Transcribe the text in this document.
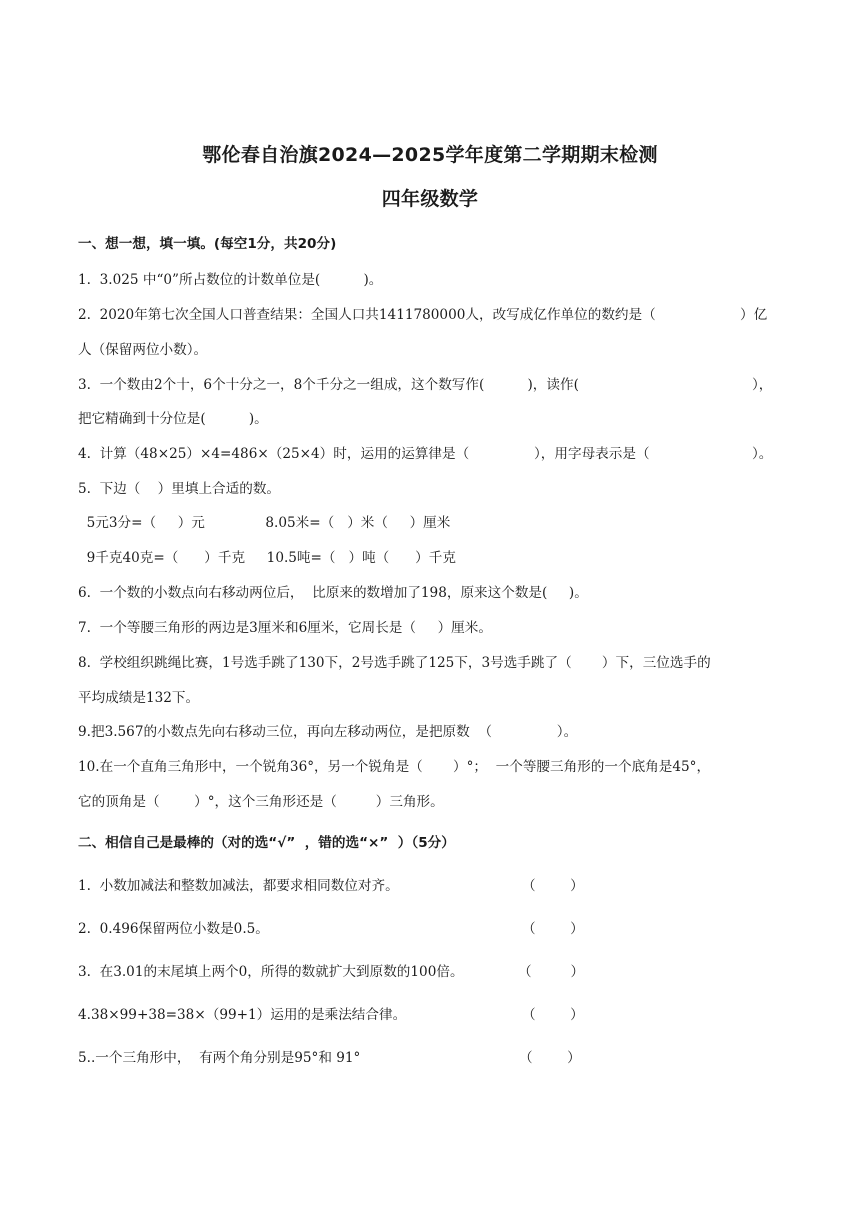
鄂伦春自治旗2024—2025学年度第二学期期末检测
四年级数学
一、想一想，填一填。(每空1分，共20分)
1.  3.025 中“0”所占数位的计数单位是(          )。
2.  2020年第七次全国人口普查结果：全国人口共1411780000人，改写成亿作单位的数约是（	）亿
人（保留两位小数）。
3.  一个数由2个十，6个十分之一，8个千分之一组成，这个数写作(          )，读作(	），
把它精确到十分位是(          )。
4.  计算（48×25）×4=486×（25×4）时，运用的运算律是（               ），用字母表示是（	）。
5.  下边（    ）里填上合适的数。
5元3分=（     ）元              8.05米=（   ）米（     ）厘米
9千克40克=（      ）千克     10.5吨=（   ）吨（      ）千克
6.  一个数的小数点向右移动两位后，  比原来的数增加了198，原来这个数是(     )。
7.  一个等腰三角形的两边是3厘米和6厘米，它周长是（     ）厘米。
8.  学校组织跳绳比赛，1号选手跳了130下，2号选手跳了125下，3号选手跳了（       ）下，三位选手的
平均成绩是132下。
9.把3.567的小数点先向右移动三位，再向左移动两位，是把原数  （               ）。
10.在一个直角三角形中，一个锐角36°，另一个锐角是（       ）°；  一个等腰三角形的一个底角是45°，
它的顶角是（        ）°，这个三角形还是（         ）三角形。
二、相信自己是最棒的（对的选“√”  ，错的选“×”  ）（5分）
1.  小数加减法和整数加减法，都要求相同数位对齐。	（        ）
2.  0.496保留两位小数是0.5。	（        ）
3.  在3.01的末尾填上两个0，所得的数就扩大到原数的100倍。	（         ）
4.38×99+38=38×（99+1）运用的是乘法结合律。	（        ）
5..一个三角形中，  有两个角分别是95°和 91°	（        ）
